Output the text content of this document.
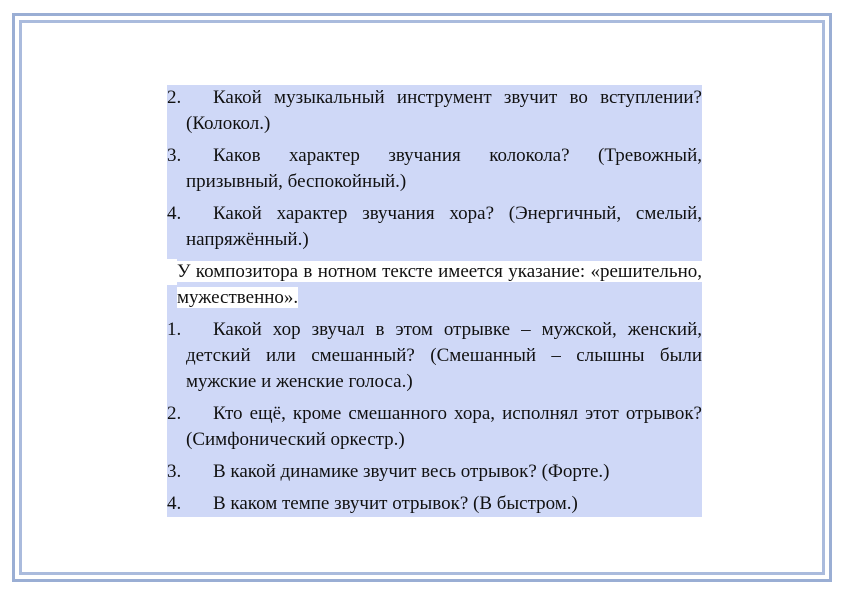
2.	Какой музыкальный инструмент звучит во вступлении? (Колокол.)
3.	Каков характер звучания колокола? (Тревожный, призывный, беспокойный.)
4.	Какой характер звучания хора? (Энергичный, смелый, напряжённый.)
У композитора в нотном тексте имеется указание: «решительно, мужественно».
1.	Какой хор звучал в этом отрывке – мужской, женский, детский или смешанный? (Смешанный – слышны были мужские и женские голоса.)
2.	Кто ещё, кроме смешанного хора, исполнял этот отрывок? (Симфонический оркестр.)
3.	В какой динамике звучит весь отрывок? (Форте.)
4.	В каком темпе звучит отрывок? (В быстром.)
